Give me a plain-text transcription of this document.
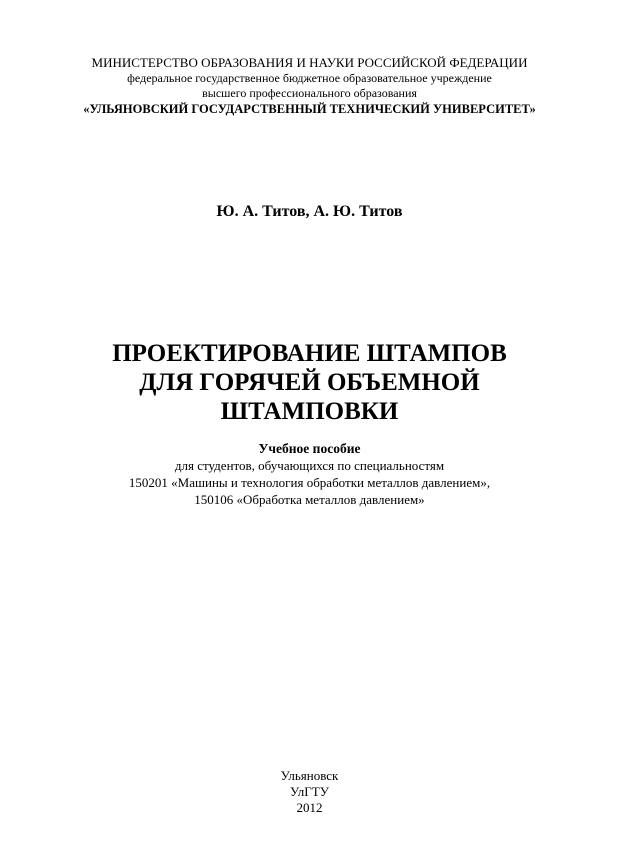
МИНИСТЕРСТВО ОБРАЗОВАНИЯ И НАУКИ РОССИЙСКОЙ ФЕДЕРАЦИИ
федеральное государственное бюджетное образовательное учреждение
высшего профессионального образования
«УЛЬЯНОВСКИЙ ГОСУДАРСТВЕННЫЙ ТЕХНИЧЕСКИЙ УНИВЕРСИТЕТ»
Ю. А. Титов, А. Ю. Титов
ПРОЕКТИРОВАНИЕ ШТАМПОВ
ДЛЯ ГОРЯЧЕЙ ОБЪЕМНОЙ
ШТАМПОВКИ
Учебное пособие
для студентов, обучающихся по специальностям
150201 «Машины и технология обработки металлов давлением»,
150106 «Обработка металлов давлением»
Ульяновск
УлГТУ
2012
